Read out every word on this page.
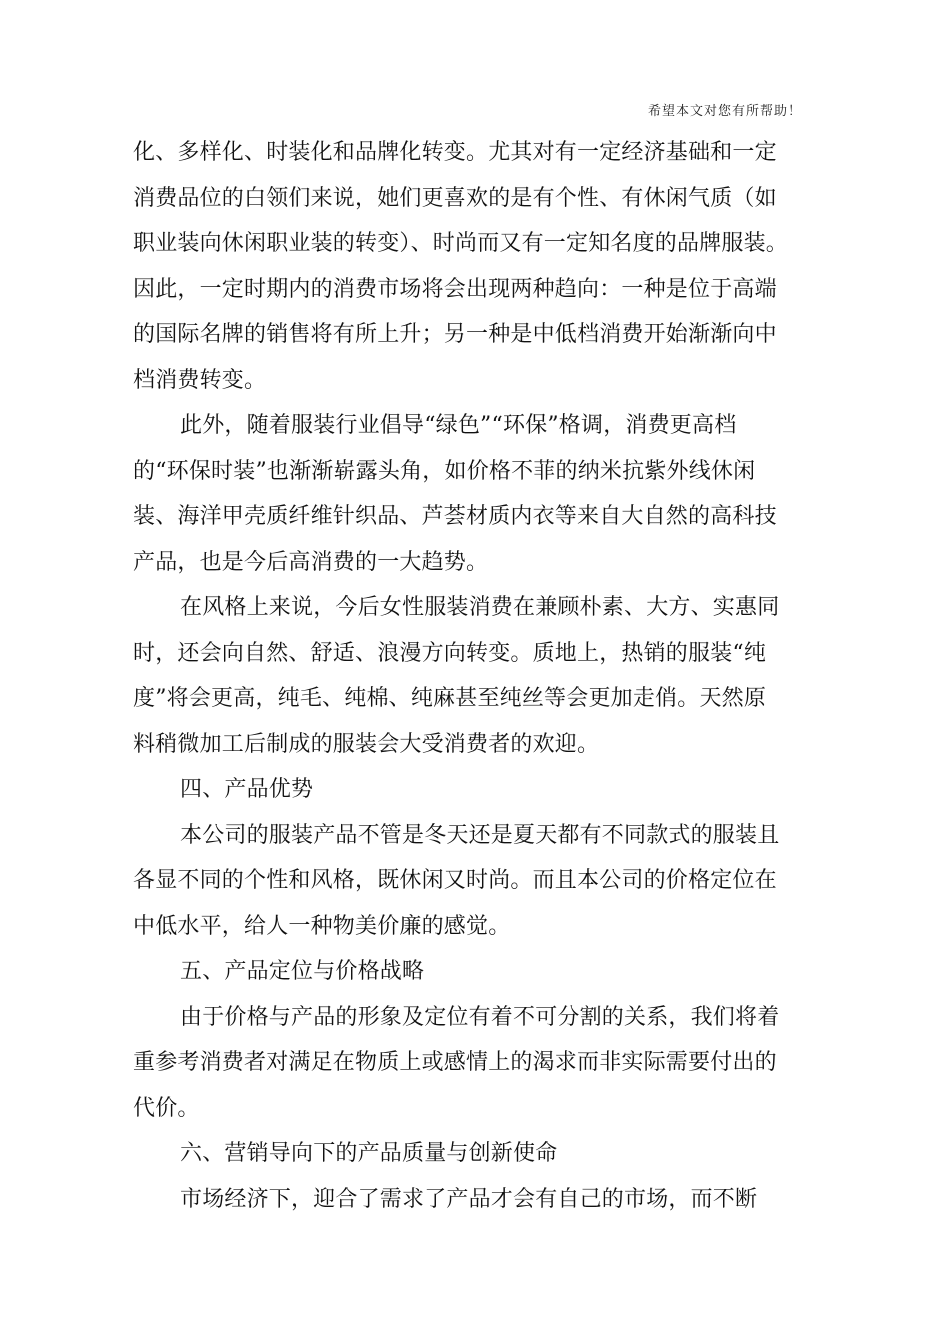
希望本文对您有所帮助！
化、多样化、时装化和品牌化转变。尤其对有一定经济基础和一定
消费品位的白领们来说，她们更喜欢的是有个性、有休闲气质（如
职业装向休闲职业装的转变）、时尚而又有一定知名度的品牌服装。
因此，一定时期内的消费市场将会出现两种趋向：一种是位于高端
的国际名牌的销售将有所上升；另一种是中低档消费开始渐渐向中
档消费转变。
此外，随着服装行业倡导“绿色”“环保”格调，消费更高档
的“环保时装”也渐渐崭露头角，如价格不菲的纳米抗紫外线休闲
装、海洋甲壳质纤维针织品、芦荟材质内衣等来自大自然的高科技
产品，也是今后高消费的一大趋势。
在风格上来说，今后女性服装消费在兼顾朴素、大方、实惠同
时，还会向自然、舒适、浪漫方向转变。质地上，热销的服装“纯
度”将会更高，纯毛、纯棉、纯麻甚至纯丝等会更加走俏。天然原
料稍微加工后制成的服装会大受消费者的欢迎。
四、产品优势
本公司的服装产品不管是冬天还是夏天都有不同款式的服装且
各显不同的个性和风格，既休闲又时尚。而且本公司的价格定位在
中低水平，给人一种物美价廉的感觉。
五、产品定位与价格战略
由于价格与产品的形象及定位有着不可分割的关系，我们将着
重参考消费者对满足在物质上或感情上的渴求而非实际需要付出的
代价。
六、营销导向下的产品质量与创新使命
市场经济下，迎合了需求了产品才会有自己的市场，而不断
